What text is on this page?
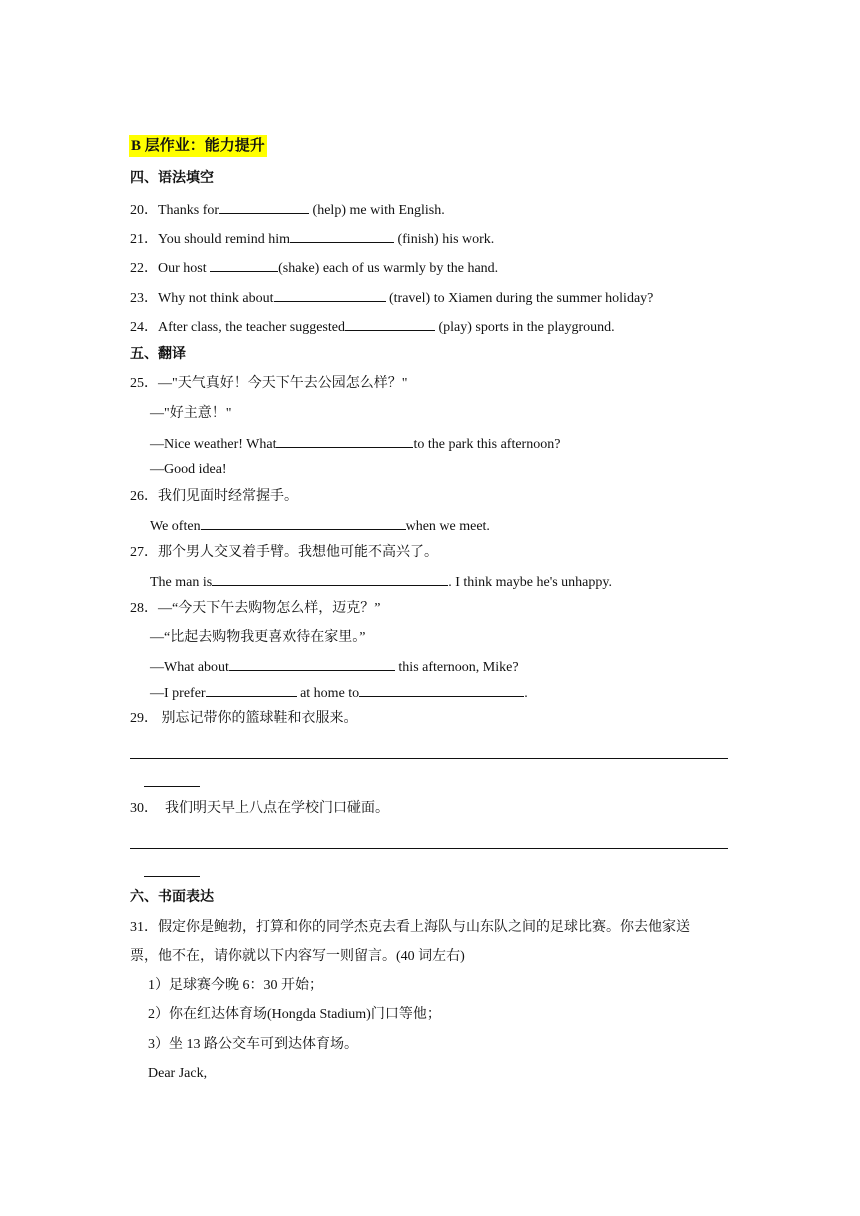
B 层作业：能力提升
四、语法填空
20．Thanks for	(help) me with English.
21．You should remind him	(finish) his work.
22．Our host	(shake) each of us warmly by the hand.
23．Why not think about	(travel) to Xiamen during the summer holiday?
24．After class, the teacher suggested	(play) sports in the playground.
五、翻译
25．—"天气真好！今天下午去公园怎么样？"
—"好主意！"
—Nice weather! What	to the park this afternoon?
—Good idea!
26．我们见面时经常握手。
We often	when we meet.
27．那个男人交叉着手臂。我想他可能不高兴了。
The man is	. I think maybe he's unhappy.
28．—“今天下午去购物怎么样，迈克？”
—“比起去购物我更喜欢待在家里。”
—What about	this afternoon, Mike?
—I prefer	at home to	.
29． 别忘记带你的篮球鞋和衣服来。
30．  我们明天早上八点在学校门口碰面。
六、书面表达
31．假定你是鲍勃，打算和你的同学杰克去看上海队与山东队之间的足球比赛。你去他家送
票，他不在，请你就以下内容写一则留言。(40 词左右)
1）足球赛今晚 6：30 开始；
2）你在红达体育场(Hongda Stadium)门口等他；
3）坐 13 路公交车可到达体育场。
Dear Jack,
